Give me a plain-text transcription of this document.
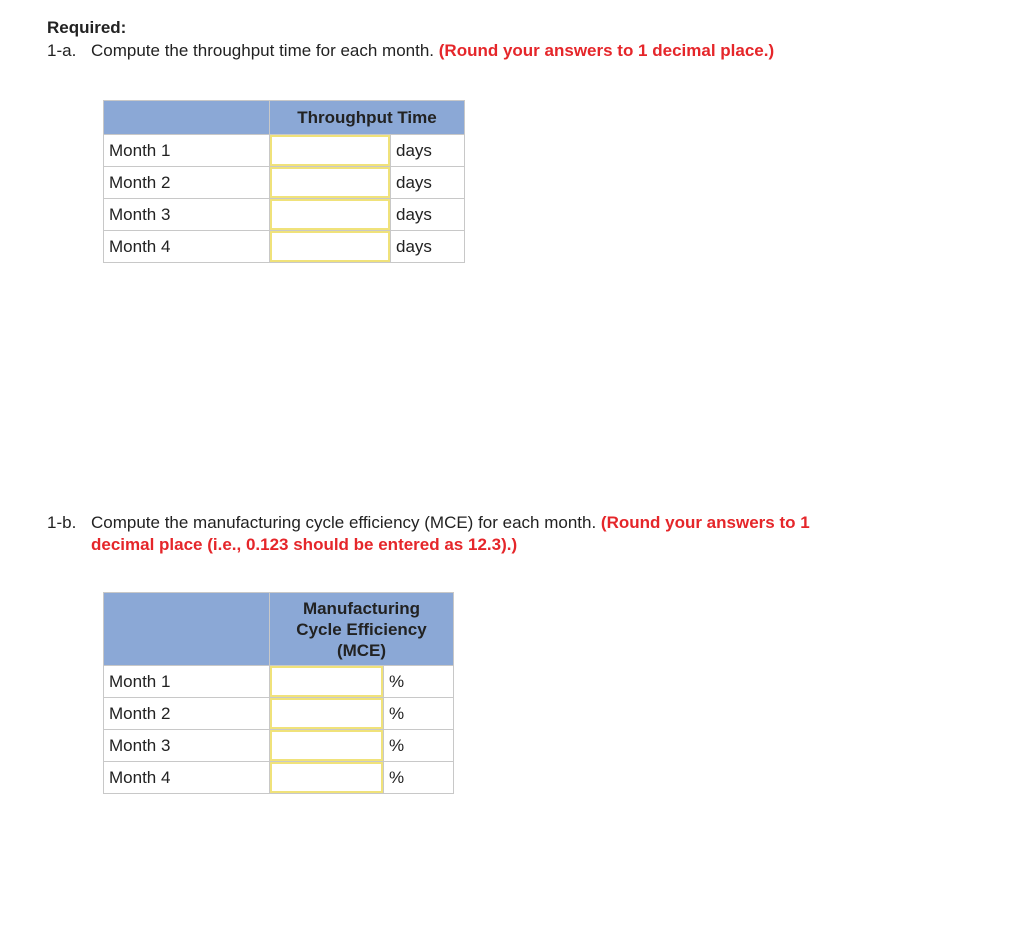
Required:
1-a. Compute the throughput time for each month. (Round your answers to 1 decimal place.)
	Throughput Time	
Month 1		days
Month 2		days
Month 3		days
Month 4		days
1-b. Compute the manufacturing cycle efficiency (MCE) for each month. (Round your answers to 1
decimal place (i.e., 0.123 should be entered as 12.3).)
	Manufacturing
Cycle Efficiency
(MCE)	
Month 1		%
Month 2		%
Month 3		%
Month 4		%
